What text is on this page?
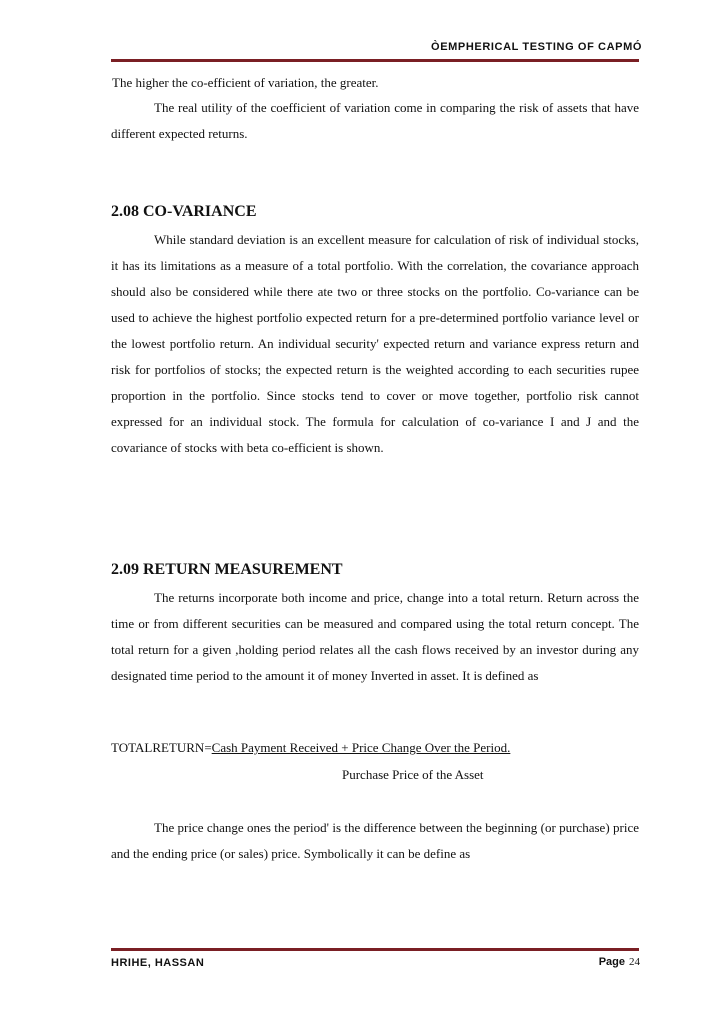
ÒEMPHERICAL TESTING OF CAPMÓ

The higher the co-efficient of variation, the greater.

The real utility of the coefficient of variation come in comparing the risk of assets that have different expected returns.

2.08 CO-VARIANCE

While standard deviation is an excellent measure for calculation of risk of individual stocks, it has its limitations as a measure of a total portfolio. With the correlation, the covariance approach should also be considered while there ate two or three stocks on the portfolio. Co-variance can be used to achieve the highest portfolio expected return for a pre-determined portfolio variance level or the lowest portfolio return. An individual security' expected return and variance express return and risk for portfolios of stocks; the expected return is the weighted according to each securities rupee proportion in the portfolio. Since stocks tend to cover or move together, portfolio risk cannot expressed for an individual stock. The formula for calculation of co-variance I and J and the covariance of stocks with beta co-efficient is shown.

2.09 RETURN MEASUREMENT

The returns incorporate both income and price, change into a total return. Return across the time or from different securities can be measured and compared using the total return concept. The total return for a given ,holding period relates all the cash flows received by an investor during any designated time period to the amount it of money Inverted in asset. It is defined as

TOTALRETURN=Cash Payment Received + Price Change Over the Period.
Purchase Price of the Asset

The price change ones the period' is the difference between the beginning (or purchase) price and the ending price (or sales) price. Symbolically it can be define as

HRIHE, HASSAN	Page 24
